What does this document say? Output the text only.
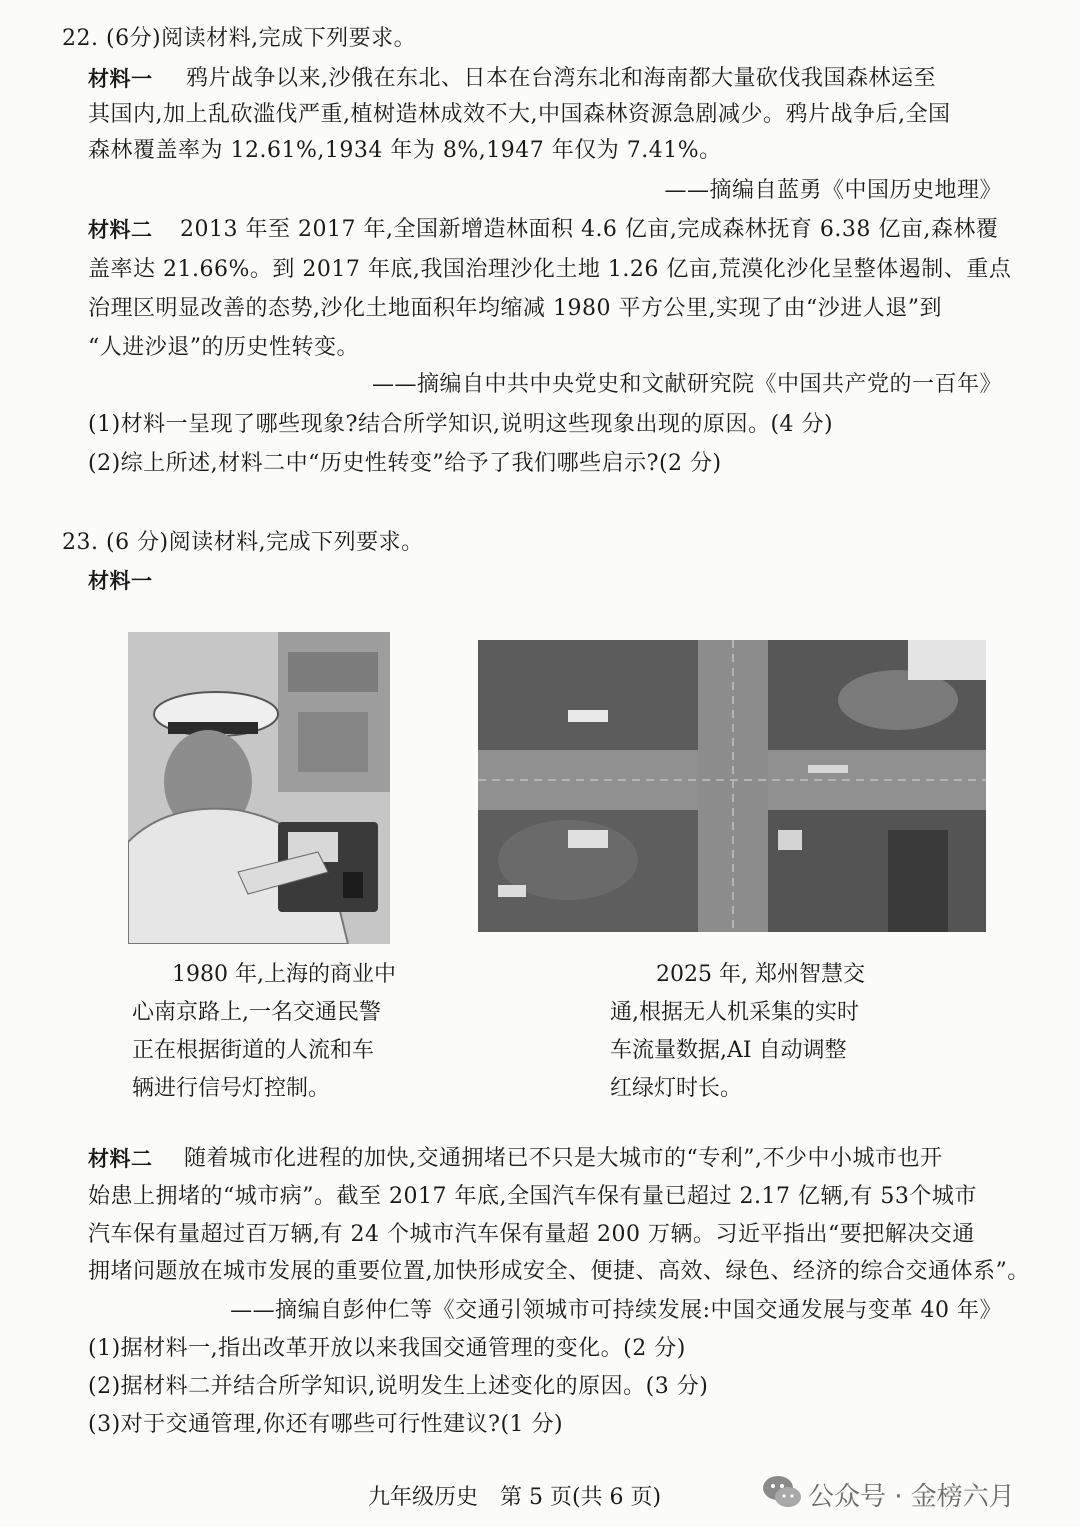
22. (6分)阅读材料,完成下列要求。
材料一 鸦片战争以来,沙俄在东北、日本在台湾东北和海南都大量砍伐我国森林运至
其国内,加上乱砍滥伐严重,植树造林成效不大,中国森林资源急剧减少。鸦片战争后,全国
森林覆盖率为 12.61%,1934 年为 8%,1947 年仅为 7.41%。
——摘编自蓝勇《中国历史地理》
材料二 2013 年至 2017 年,全国新增造林面积 4.6 亿亩,完成森林抚育 6.38 亿亩,森林覆
盖率达 21.66%。到 2017 年底,我国治理沙化土地 1.26 亿亩,荒漠化沙化呈整体遏制、重点
治理区明显改善的态势,沙化土地面积年均缩减 1980 平方公里,实现了由“沙进人退”到
“人进沙退”的历史性转变。
——摘编自中共中央党史和文献研究院《中国共产党的一百年》
(1)材料一呈现了哪些现象?结合所学知识,说明这些现象出现的原因。(4 分)
(2)综上所述,材料二中“历史性转变”给予了我们哪些启示?(2 分)
23. (6 分)阅读材料,完成下列要求。
材料一
1980 年,上海的商业中
心南京路上,一名交通民警
正在根据街道的人流和车
辆进行信号灯控制。
2025 年, 郑州智慧交
通,根据无人机采集的实时
车流量数据,AI 自动调整
红绿灯时长。
材料二 随着城市化进程的加快,交通拥堵已不只是大城市的“专利”,不少中小城市也开
始患上拥堵的“城市病”。截至 2017 年底,全国汽车保有量已超过 2.17 亿辆,有 53个城市
汽车保有量超过百万辆,有 24 个城市汽车保有量超 200 万辆。习近平指出“要把解决交通
拥堵问题放在城市发展的重要位置,加快形成安全、便捷、高效、绿色、经济的综合交通体系”。
——摘编自彭仲仁等《交通引领城市可持续发展:中国交通发展与变革 40 年》
(1)据材料一,指出改革开放以来我国交通管理的变化。(2 分)
(2)据材料二并结合所学知识,说明发生上述变化的原因。(3 分)
(3)对于交通管理,你还有哪些可行性建议?(1 分)
九年级历史　第 5 页(共 6 页)	公众号 · 金榜六月
